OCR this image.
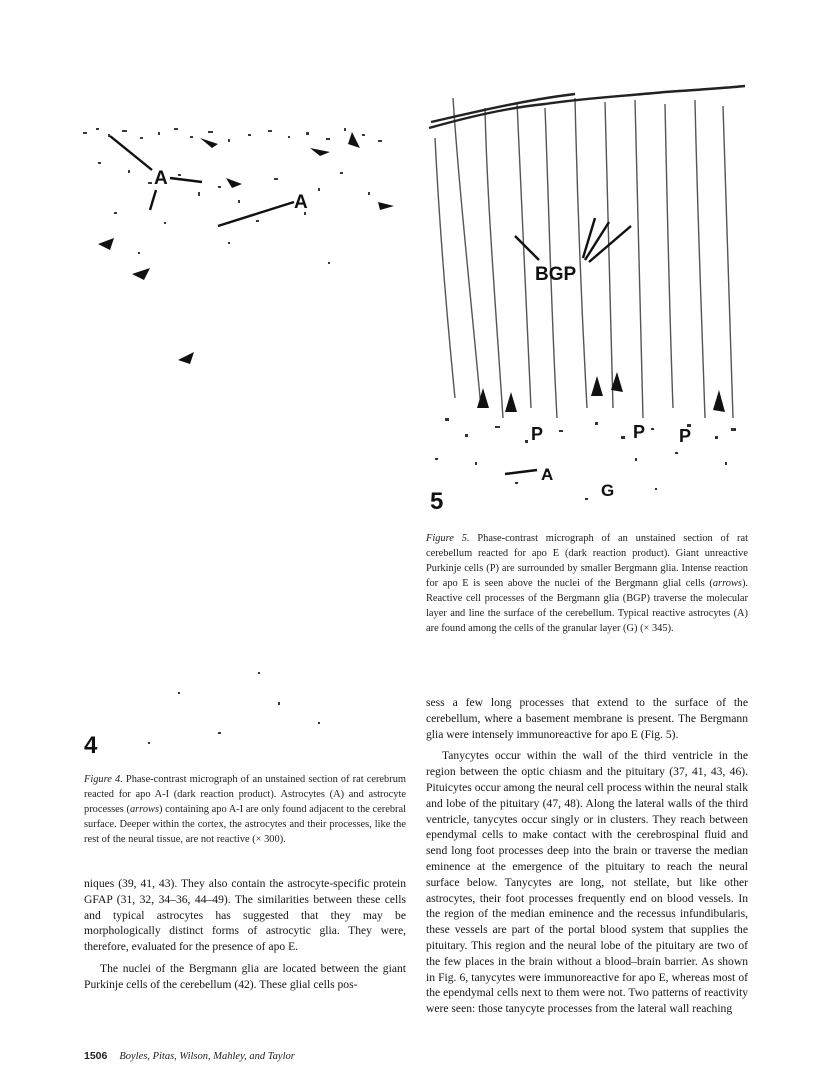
A
A
4
Figure 4. Phase-contrast micrograph of an unstained section of rat cerebrum reacted for apo A-I (dark reaction product). Astrocytes (A) and astrocyte processes (arrows) containing apo A-I are only found adjacent to the cerebral surface. Deeper within the cortex, the astrocytes and their processes, like the rest of the neural tissue, are not reactive (× 300).
BGP
P	P P
A
G
5
Figure 5. Phase-contrast micrograph of an unstained section of rat cerebellum reacted for apo E (dark reaction product). Giant unreactive Purkinje cells (P) are surrounded by smaller Bergmann glia. Intense reaction for apo E is seen above the nuclei of the Bergmann glial cells (arrows). Reactive cell processes of the Bergmann glia (BGP) traverse the molecular layer and line the surface of the cerebellum. Typical reactive astrocytes (A) are found among the cells of the granular layer (G) (× 345).

niques (39, 41, 43). They also contain the astrocyte-specific protein GFAP (31, 32, 34–36, 44–49). The similarities between these cells and typical astrocytes has suggested that they may be morphologically distinct forms of astrocytic glia. They were, therefore, evaluated for the presence of apo E.

The nuclei of the Bergmann glia are located between the giant Purkinje cells of the cerebellum (42). These glial cells pos-

sess a few long processes that extend to the surface of the cerebellum, where a basement membrane is present. The Bergmann glia were intensely immunoreactive for apo E (Fig. 5).

Tanycytes occur within the wall of the third ventricle in the region between the optic chiasm and the pituitary (37, 41, 43, 46). Pituicytes occur among the neural cell process within the neural stalk and lobe of the pituitary (47, 48). Along the lateral walls of the third ventricle, tanycytes occur singly or in clusters. They reach between ependymal cells to make contact with the cerebrospinal fluid and send long foot processes deep into the brain or traverse the median eminence at the emergence of the pituitary to reach the neural surface below. Tanycytes are long, not stellate, but like other astrocytes, their foot processes frequently end on blood vessels. In the region of the median eminence and the recessus infundibularis, these vessels are part of the portal blood system that supplies the pituitary. This region and the neural lobe of the pituitary are two of the few places in the brain without a blood–brain barrier. As shown in Fig. 6, tanycytes were immunoreactive for apo E, whereas most of the ependymal cells next to them were not. Two patterns of reactivity were seen: those tanycyte processes from the lateral wall reaching

1506 Boyles, Pitas, Wilson, Mahley, and Taylor
